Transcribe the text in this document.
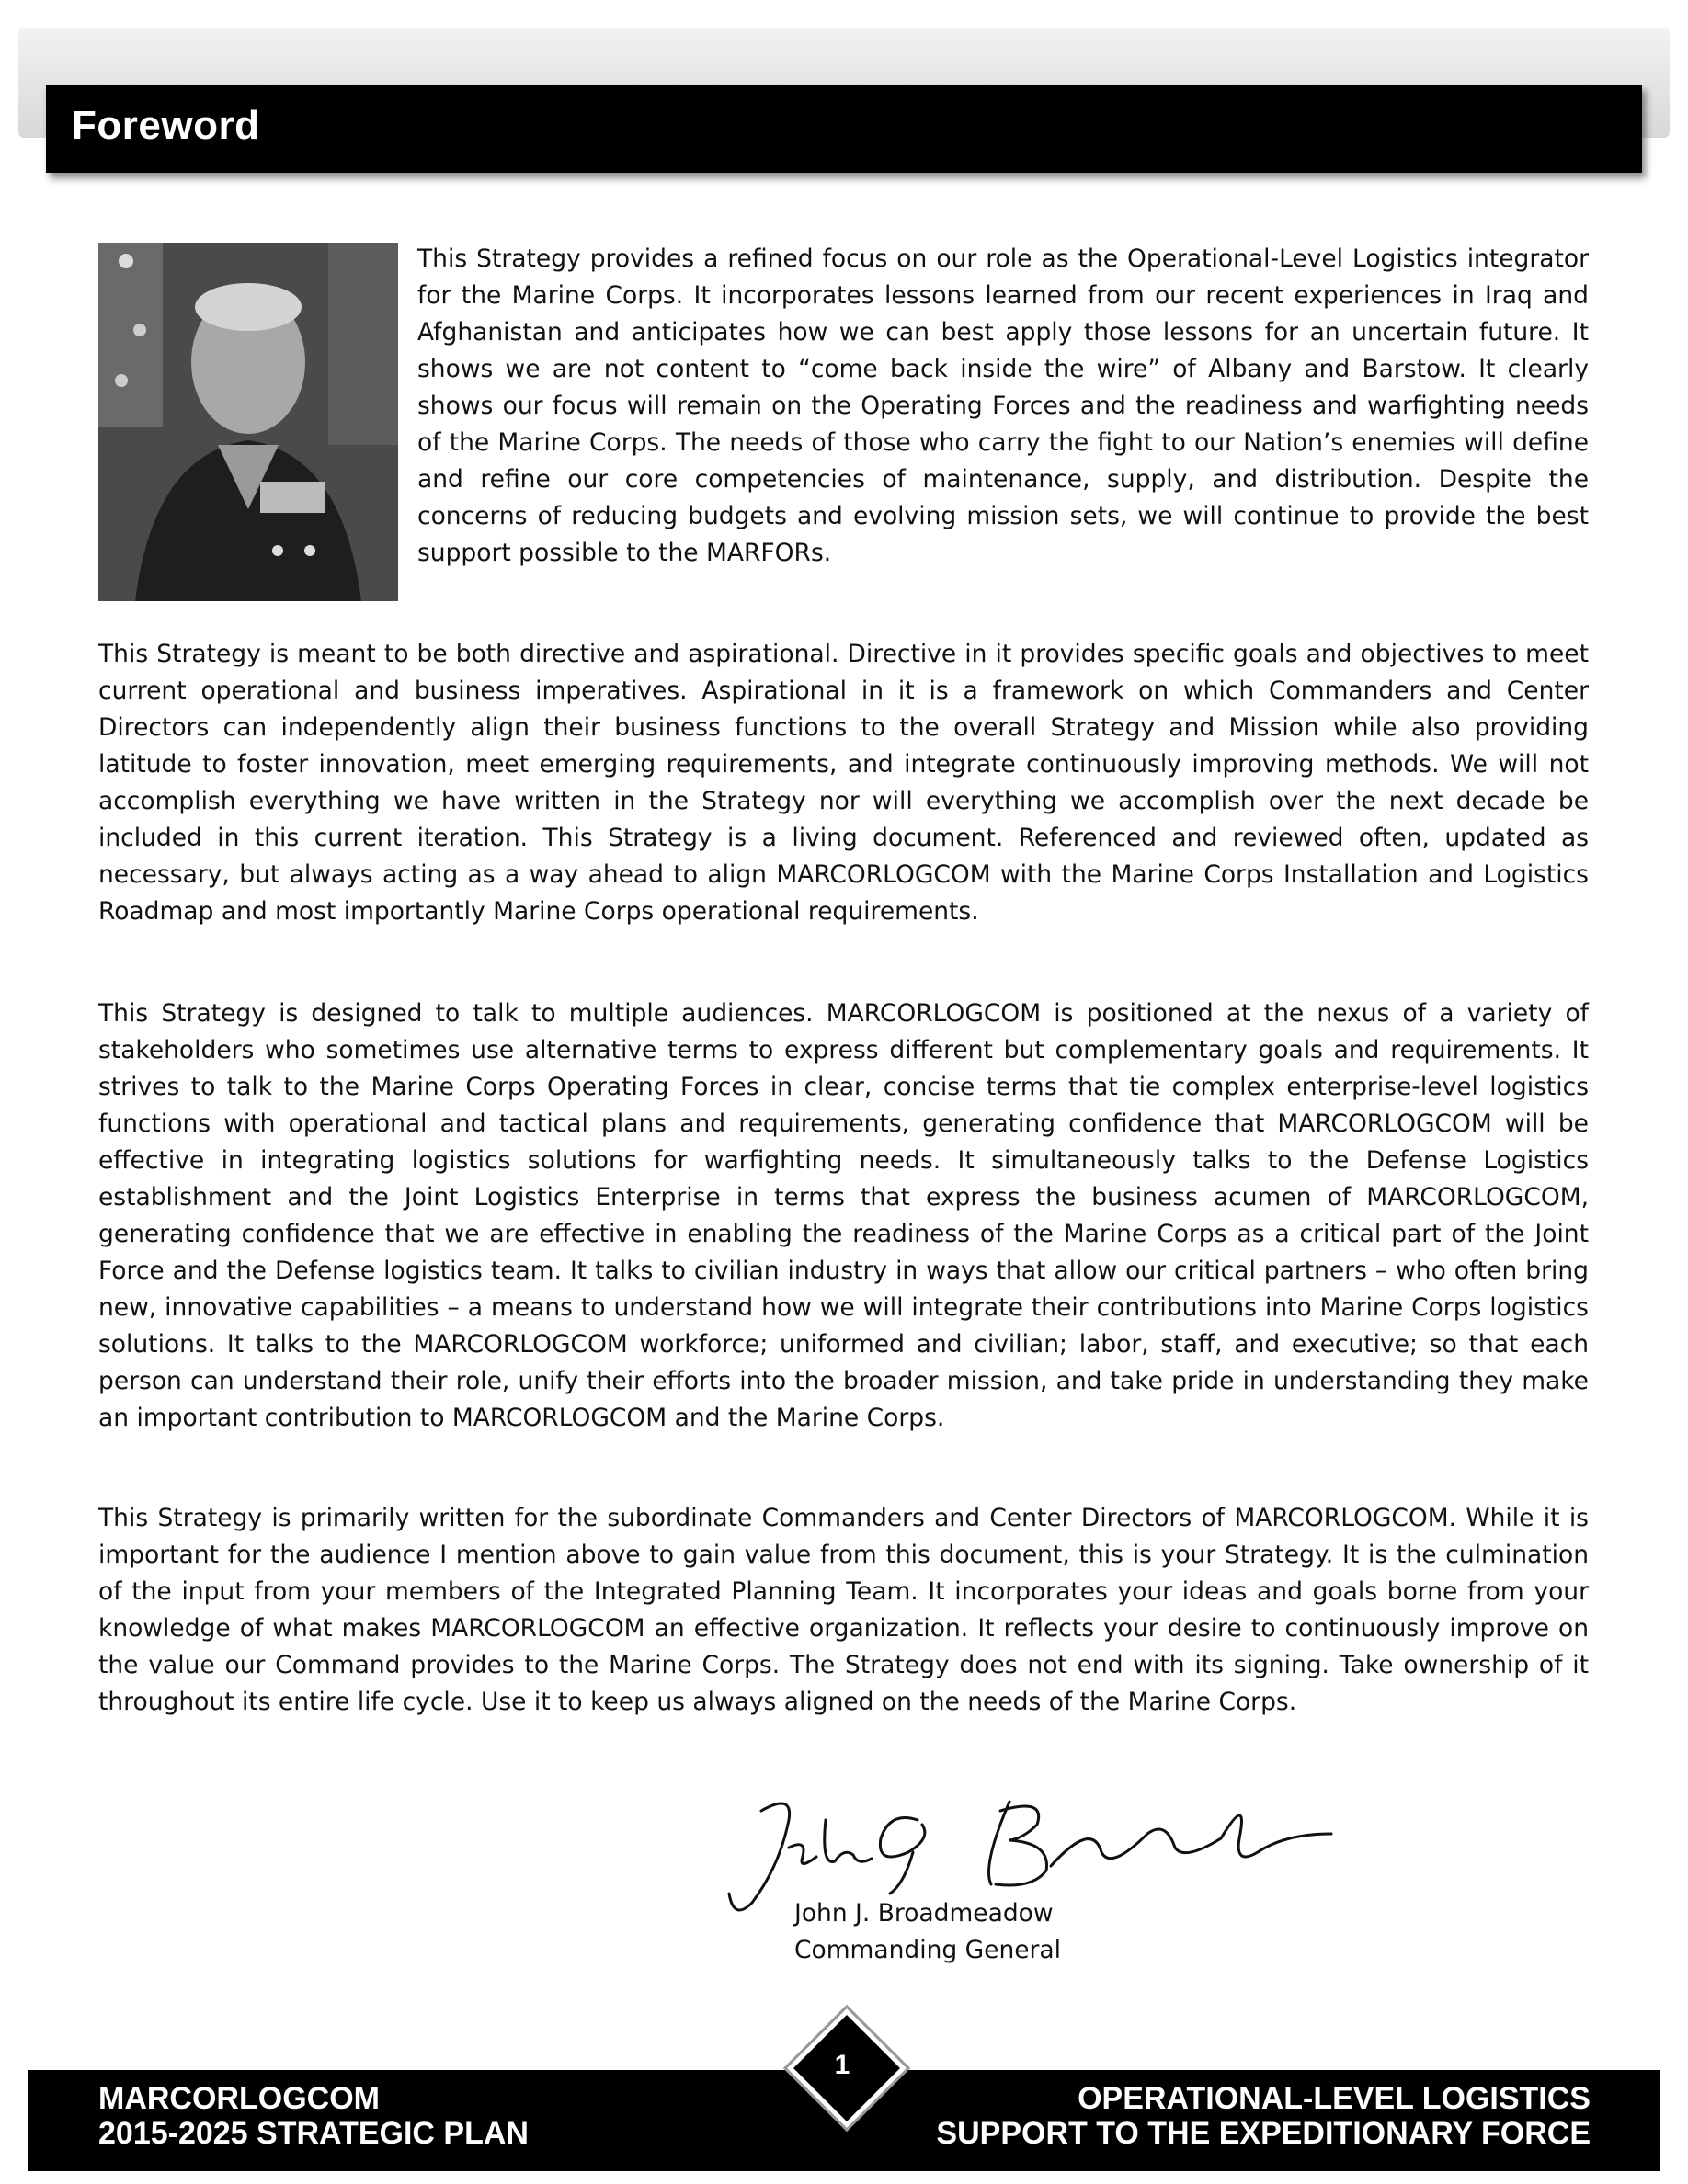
Foreword

This Strategy provides a refined focus on our role as the Operational-Level Logistics integrator for the Marine Corps. It incorporates lessons learned from our recent experiences in Iraq and Afghanistan and anticipates how we can best apply those lessons for an uncertain future. It shows we are not content to “come back inside the wire” of Albany and Barstow. It clearly shows our focus will remain on the Operating Forces and the readiness and warfighting needs of the Marine Corps. The needs of those who carry the fight to our Nation’s enemies will define and refine our core competencies of maintenance, supply, and distribution. Despite the concerns of reducing budgets and evolving mission sets, we will continue to provide the best support possible to the MARFORs.

This Strategy is meant to be both directive and aspirational. Directive in it provides specific goals and objectives to meet current operational and business imperatives. Aspirational in it is a framework on which Commanders and Center Directors can independently align their business functions to the overall Strategy and Mission while also providing latitude to foster innovation, meet emerging requirements, and integrate continuously improving methods. We will not accomplish everything we have written in the Strategy nor will everything we accomplish over the next decade be included in this current iteration. This Strategy is a living document. Referenced and reviewed often, updated as necessary, but always acting as a way ahead to align MARCORLOGCOM with the Marine Corps Installation and Logistics Roadmap and most importantly Marine Corps operational requirements.

This Strategy is designed to talk to multiple audiences. MARCORLOGCOM is positioned at the nexus of a variety of stakeholders who sometimes use alternative terms to express different but complementary goals and requirements. It strives to talk to the Marine Corps Operating Forces in clear, concise terms that tie complex enterprise-level logistics functions with operational and tactical plans and requirements, generating confidence that MARCORLOGCOM will be effective in integrating logistics solutions for warfighting needs. It simultaneously talks to the Defense Logistics establishment and the Joint Logistics Enterprise in terms that express the business acumen of MARCORLOGCOM, generating confidence that we are effective in enabling the readiness of the Marine Corps as a critical part of the Joint Force and the Defense logistics team. It talks to civilian industry in ways that allow our critical partners – who often bring new, innovative capabilities – a means to understand how we will integrate their contributions into Marine Corps logistics solutions. It talks to the MARCORLOGCOM workforce; uniformed and civilian; labor, staff, and executive; so that each person can understand their role, unify their efforts into the broader mission, and take pride in understanding they make an important contribution to MARCORLOGCOM and the Marine Corps.

This Strategy is primarily written for the subordinate Commanders and Center Directors of MARCORLOGCOM. While it is important for the audience I mention above to gain value from this document, this is your Strategy. It is the culmination of the input from your members of the Integrated Planning Team. It incorporates your ideas and goals borne from your knowledge of what makes MARCORLOGCOM an effective organization. It reflects your desire to continuously improve on the value our Command provides to the Marine Corps. The Strategy does not end with its signing. Take ownership of it throughout its entire life cycle. Use it to keep us always aligned on the needs of the Marine Corps.

John J. Broadmeadow
Commanding General
MARCORLOGCOM
2015-2025 STRATEGIC PLAN
OPERATIONAL-LEVEL LOGISTICS
SUPPORT TO THE EXPEDITIONARY FORCE
1
